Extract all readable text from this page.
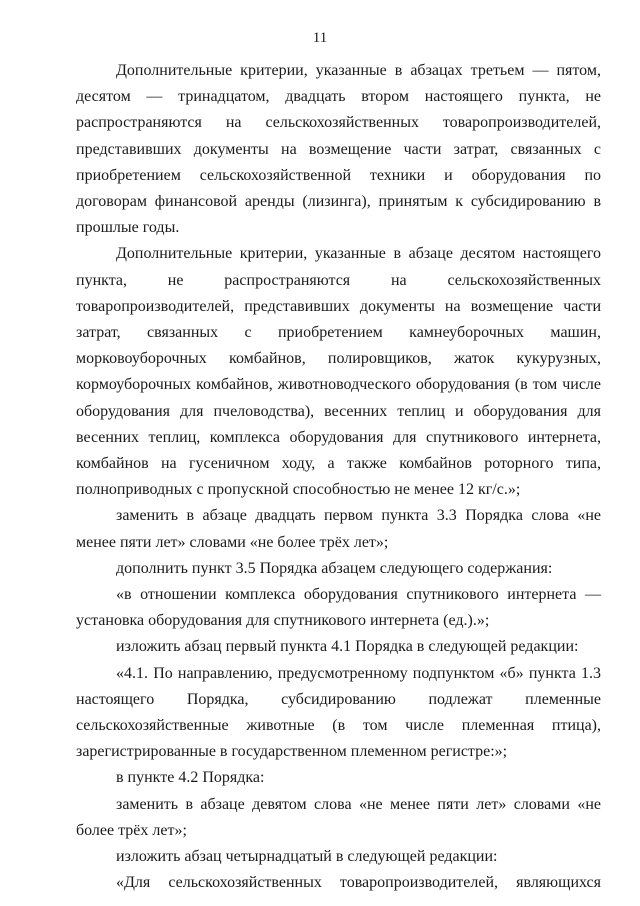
11

Дополнительные критерии, указанные в абзацах третьем — пятом, десятом — тринадцатом, двадцать втором настоящего пункта, не распространяются на сельскохозяйственных товаропроизводителей, представивших документы на возмещение части затрат, связанных с приобретением сельскохозяйственной техники и оборудования по договорам финансовой аренды (лизинга), принятым к субсидированию в прошлые годы.

Дополнительные критерии, указанные в абзаце десятом настоящего пункта, не распространяются на сельскохозяйственных товаропроизводителей, представивших документы на возмещение части затрат, связанных с приобретением камнеуборочных машин, морковоуборочных комбайнов, полировщиков, жаток кукурузных, кормоуборочных комбайнов, животноводческого оборудования (в том числе оборудования для пчеловодства), весенних теплиц и оборудования для весенних теплиц, комплекса оборудования для спутникового интернета, комбайнов на гусеничном ходу, а также комбайнов роторного типа, полноприводных с пропускной способностью не менее 12 кг/с.»;

заменить в абзаце двадцать первом пункта 3.3 Порядка слова «не менее пяти лет» словами «не более трёх лет»;

дополнить пункт 3.5 Порядка абзацем следующего содержания:

«в отношении комплекса оборудования спутникового интернета — установка оборудования для спутникового интернета (ед.).»;

изложить абзац первый пункта 4.1 Порядка в следующей редакции:

«4.1. По направлению, предусмотренному подпунктом «б» пункта 1.3 настоящего Порядка, субсидированию подлежат племенные сельскохозяйственные животные (в том числе племенная птица), зарегистрированные в государственном племенном регистре:»;

в пункте 4.2 Порядка:

заменить в абзаце девятом слова «не менее пяти лет» словами «не более трёх лет»;

изложить абзац четырнадцатый в следующей редакции:

«Для сельскохозяйственных товаропроизводителей, являющихся
